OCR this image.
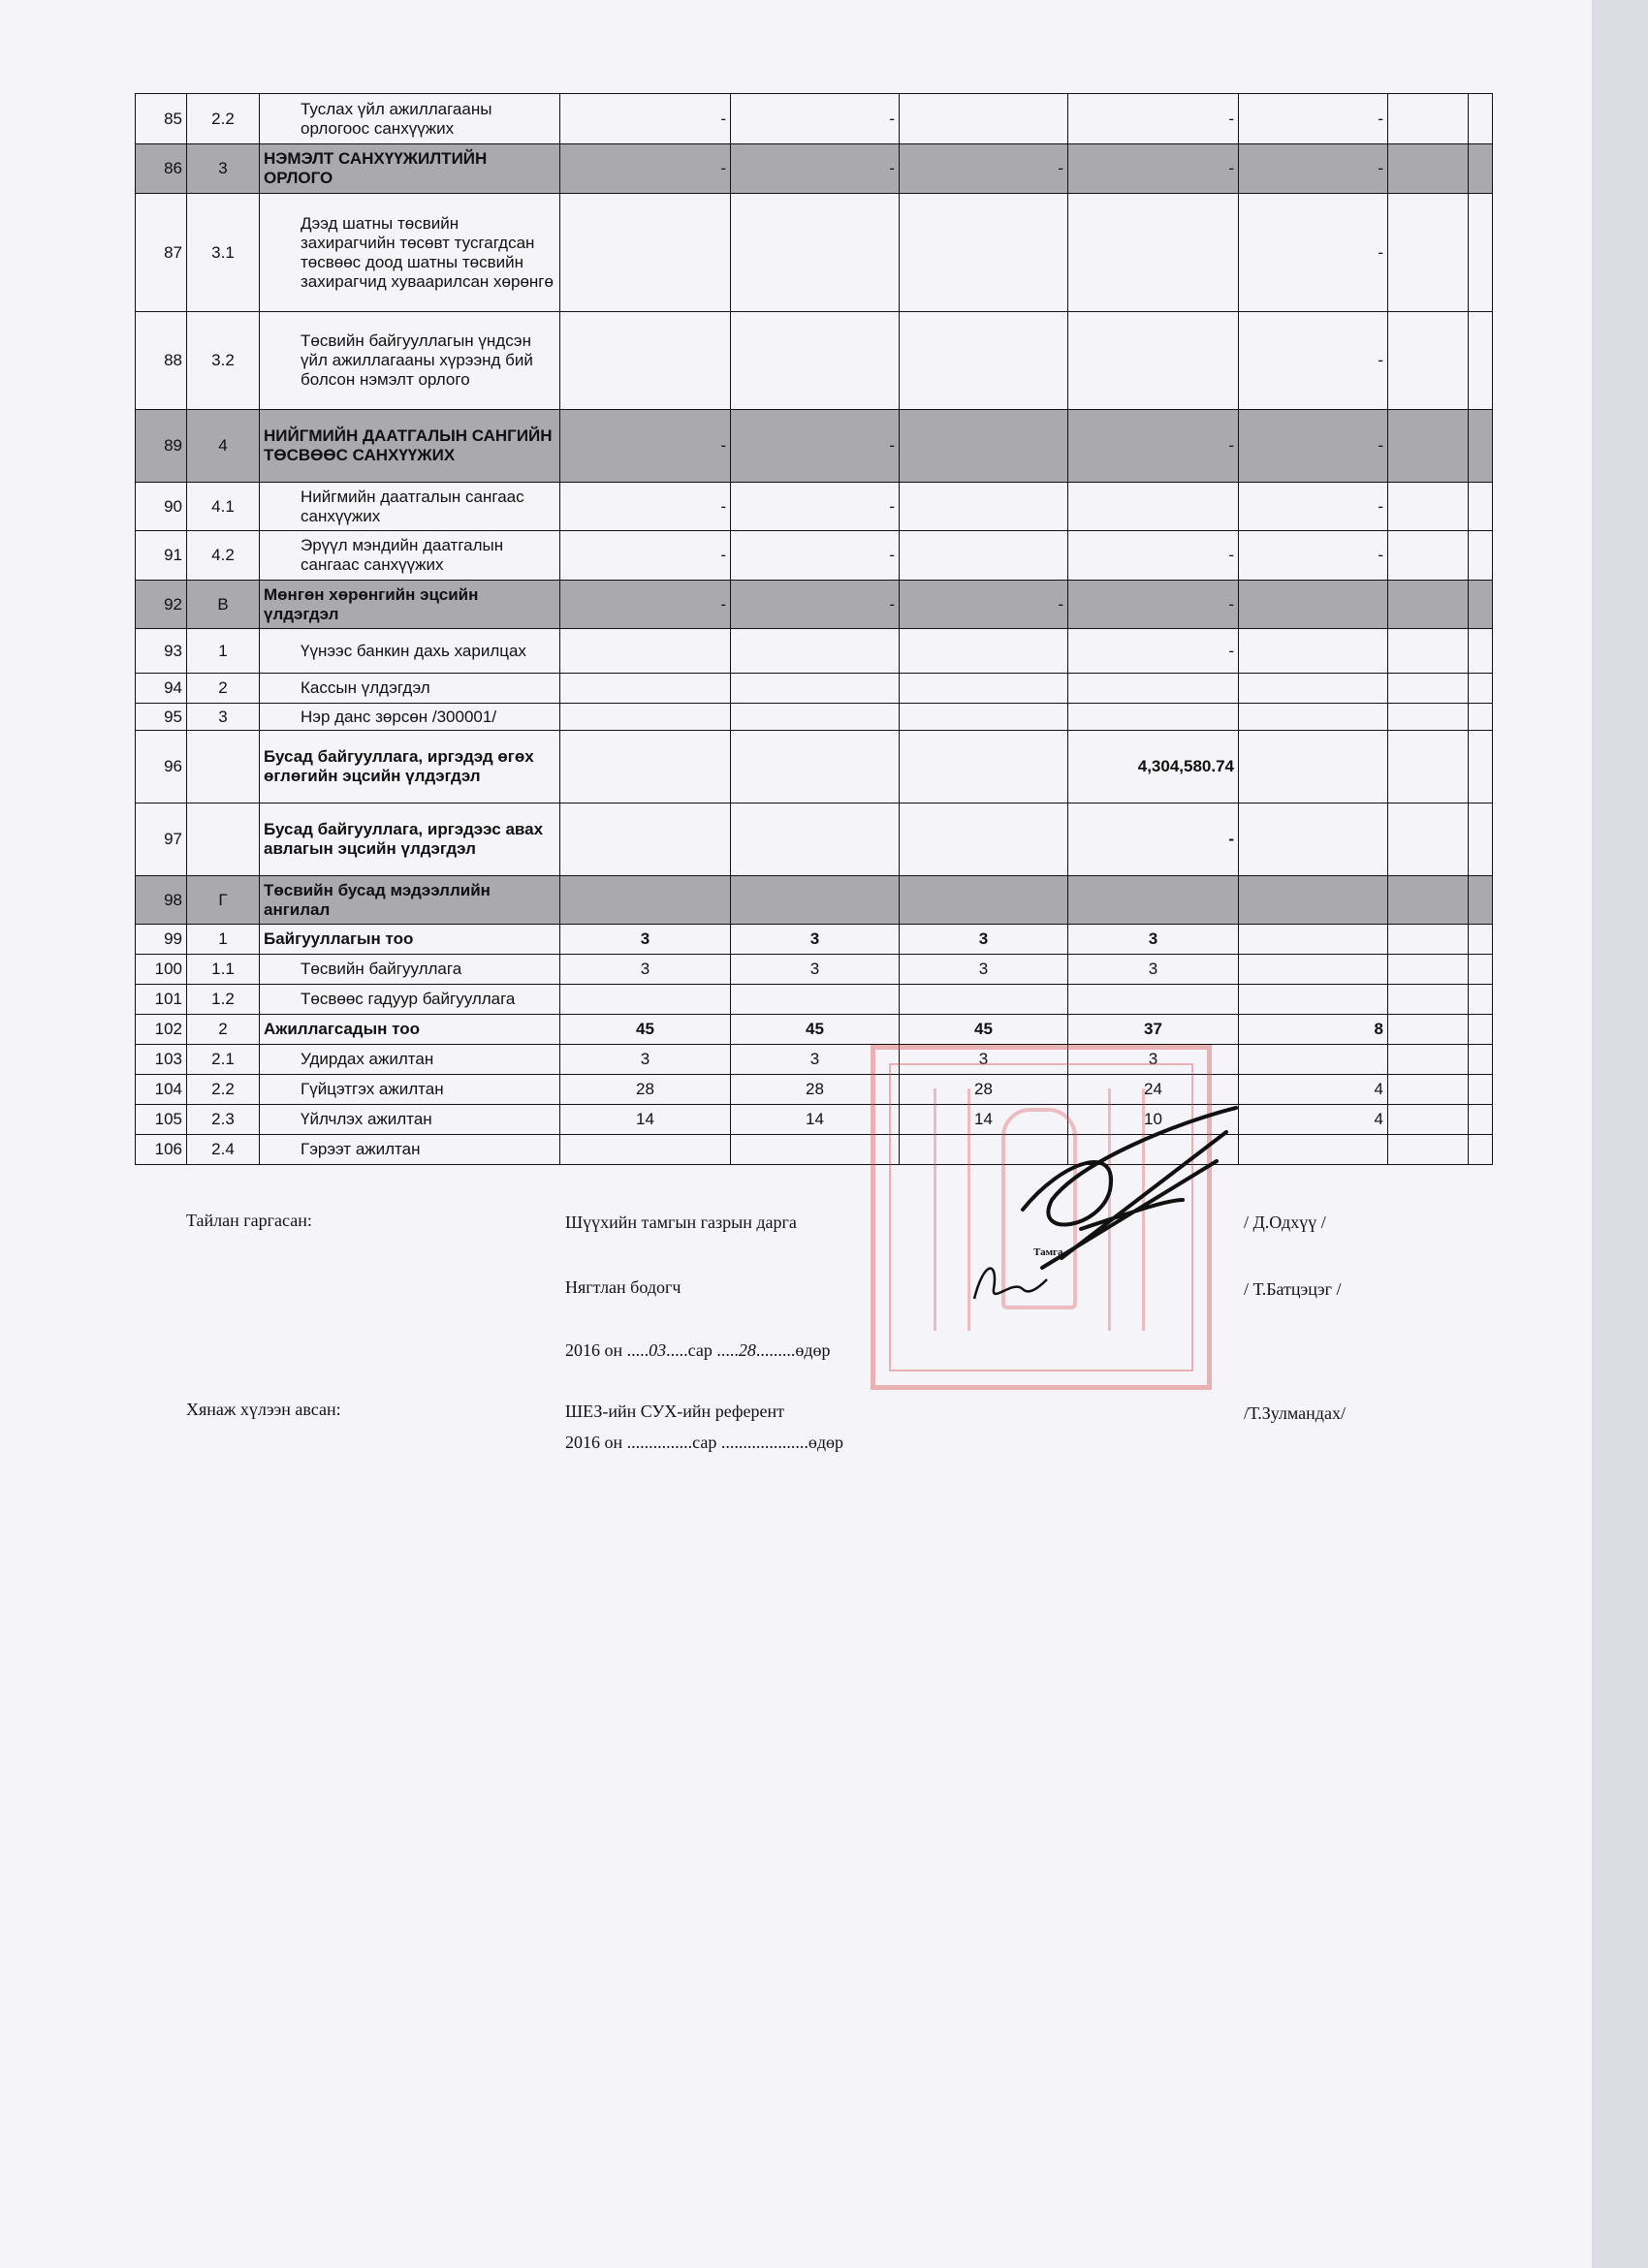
85	2.2	Туслах үйл ажиллагааны орлогоос санхүүжих	-	-		-	-		
86	3	НЭМЭЛТ САНХҮҮЖИЛТИЙН ОРЛОГО	-	-	-	-	-		
87	3.1	Дээд шатны төсвийн захирагчийн төсөвт тусгагдсан төсвөөс доод шатны төсвийн захирагчид хуваарилсан хөрөнгө					-		
88	3.2	Төсвийн байгууллагын үндсэн үйл ажиллагааны хүрээнд бий болсон нэмэлт орлого					-		
89	4	НИЙГМИЙН ДААТГАЛЫН САНГИЙН ТӨСВӨӨС САНХҮҮЖИХ	-	-		-	-		
90	4.1	Нийгмийн даатгалын сангаас санхүүжих	-	-			-		
91	4.2	Эрүүл мэндийн даатгалын сангаас санхүүжих	-	-		-	-		
92	В	Мөнгөн хөрөнгийн эцсийн үлдэгдэл	-	-	-	-			
93	1	Үүнээс банкин дахь харилцах				-			
94	2	Кассын үлдэгдэл							
95	3	Нэр данс зөрсөн /300001/							
96		Бусад байгууллага, иргэдэд өгөх өглөгийн эцсийн үлдэгдэл				4,304,580.74			
97		Бусад байгууллага, иргэдээс авах авлагын эцсийн үлдэгдэл				-			
98	Г	Төсвийн бусад мэдээллийн ангилал							
99	1	Байгууллагын тоо	3	3	3	3			
100	1.1	Төсвийн байгууллага	3	3	3	3			
101	1.2	Төсвөөс гадуур байгууллага							
102	2	Ажиллагсадын тоо	45	45	45	37	8		
103	2.1	Удирдах ажилтан	3	3	3	3			
104	2.2	Гүйцэтгэх ажилтан	28	28	28	24	4		
105	2.3	Үйлчлэх ажилтан	14	14	14	10	4		
106	2.4	Гэрээт ажилтан							
Тайлан гаргасан:	Шүүхийн тамгын газрын дарга
Тамга
/ Д.Одхүү /
Нягтлан бодогч	/ Т.Батцэцэг /
2016 он .....03.....сар .....28.........өдөр
Хянаж хүлээн авсан:	ШЕЗ-ийн СУХ-ийн референт	/Т.Зулмандах/
2016 он ...............сар ....................өдөр
